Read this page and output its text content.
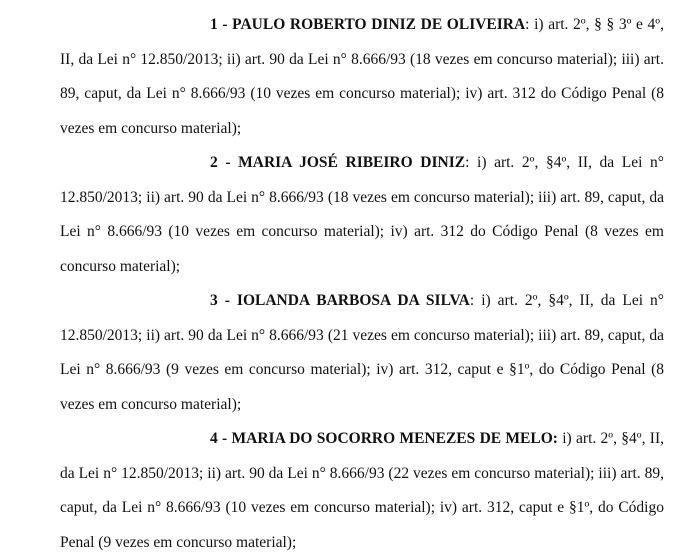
1 - PAULO ROBERTO DINIZ DE OLIVEIRA: i) art. 2º, § § 3º e 4º, II, da Lei n° 12.850/2013; ii) art. 90 da Lei n° 8.666/93 (18 vezes em concurso material); iii) art. 89, caput, da Lei n° 8.666/93 (10 vezes em concurso material); iv) art. 312 do Código Penal (8 vezes em concurso material);

2 - MARIA JOSÉ RIBEIRO DINIZ: i) art. 2º, §4º, II, da Lei n° 12.850/2013; ii) art. 90 da Lei n° 8.666/93 (18 vezes em concurso material); iii) art. 89, caput, da Lei n° 8.666/93 (10 vezes em concurso material); iv) art. 312 do Código Penal (8 vezes em concurso material);

3 - IOLANDA BARBOSA DA SILVA: i) art. 2º, §4º, II, da Lei n° 12.850/2013; ii) art. 90 da Lei n° 8.666/93 (21 vezes em concurso material); iii) art. 89, caput, da Lei n° 8.666/93 (9 vezes em concurso material); iv) art. 312, caput e §1º, do Código Penal (8 vezes em concurso material);

4 - MARIA DO SOCORRO MENEZES DE MELO: i) art. 2º, §4º, II, da Lei n° 12.850/2013; ii) art. 90 da Lei n° 8.666/93 (22 vezes em concurso material); iii) art. 89, caput, da Lei n° 8.666/93 (10 vezes em concurso material); iv) art. 312, caput e §1º, do Código Penal (9 vezes em concurso material);
